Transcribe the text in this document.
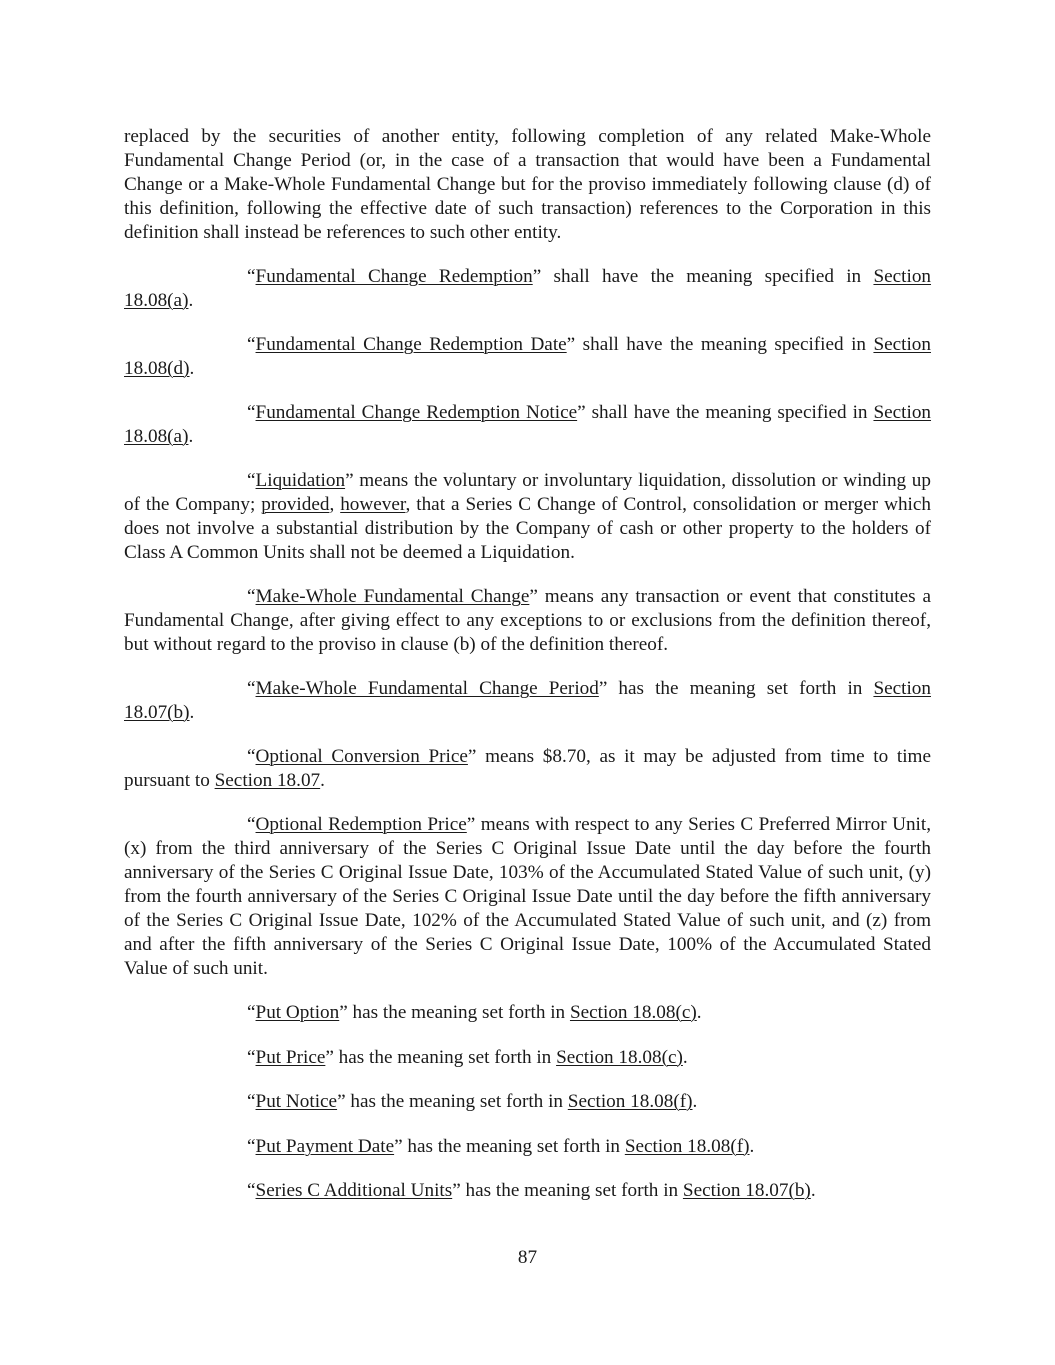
replaced by the securities of another entity, following completion of any related Make-Whole Fundamental Change Period (or, in the case of a transaction that would have been a Fundamental Change or a Make-Whole Fundamental Change but for the proviso immediately following clause (d) of this definition, following the effective date of such transaction) references to the Corporation in this definition shall instead be references to such other entity.

“Fundamental Change Redemption” shall have the meaning specified in Section 18.08(a).

“Fundamental Change Redemption Date” shall have the meaning specified in Section 18.08(d).

“Fundamental Change Redemption Notice” shall have the meaning specified in Section 18.08(a).

“Liquidation” means the voluntary or involuntary liquidation, dissolution or winding up of the Company; provided, however, that a Series C Change of Control, consolidation or merger which does not involve a substantial distribution by the Company of cash or other property to the holders of Class A Common Units shall not be deemed a Liquidation.

“Make-Whole Fundamental Change” means any transaction or event that constitutes a Fundamental Change, after giving effect to any exceptions to or exclusions from the definition thereof, but without regard to the proviso in clause (b) of the definition thereof.

“Make-Whole Fundamental Change Period” has the meaning set forth in Section 18.07(b).

“Optional Conversion Price” means $8.70, as it may be adjusted from time to time pursuant to Section 18.07.

“Optional Redemption Price” means with respect to any Series C Preferred Mirror Unit, (x) from the third anniversary of the Series C Original Issue Date until the day before the fourth anniversary of the Series C Original Issue Date, 103% of the Accumulated Stated Value of such unit, (y) from the fourth anniversary of the Series C Original Issue Date until the day before the fifth anniversary of the Series C Original Issue Date, 102% of the Accumulated Stated Value of such unit, and (z) from and after the fifth anniversary of the Series C Original Issue Date, 100% of the Accumulated Stated Value of such unit.

“Put Option” has the meaning set forth in Section 18.08(c).

“Put Price” has the meaning set forth in Section 18.08(c).

“Put Notice” has the meaning set forth in Section 18.08(f).

“Put Payment Date” has the meaning set forth in Section 18.08(f).

“Series C Additional Units” has the meaning set forth in Section 18.07(b).

87
